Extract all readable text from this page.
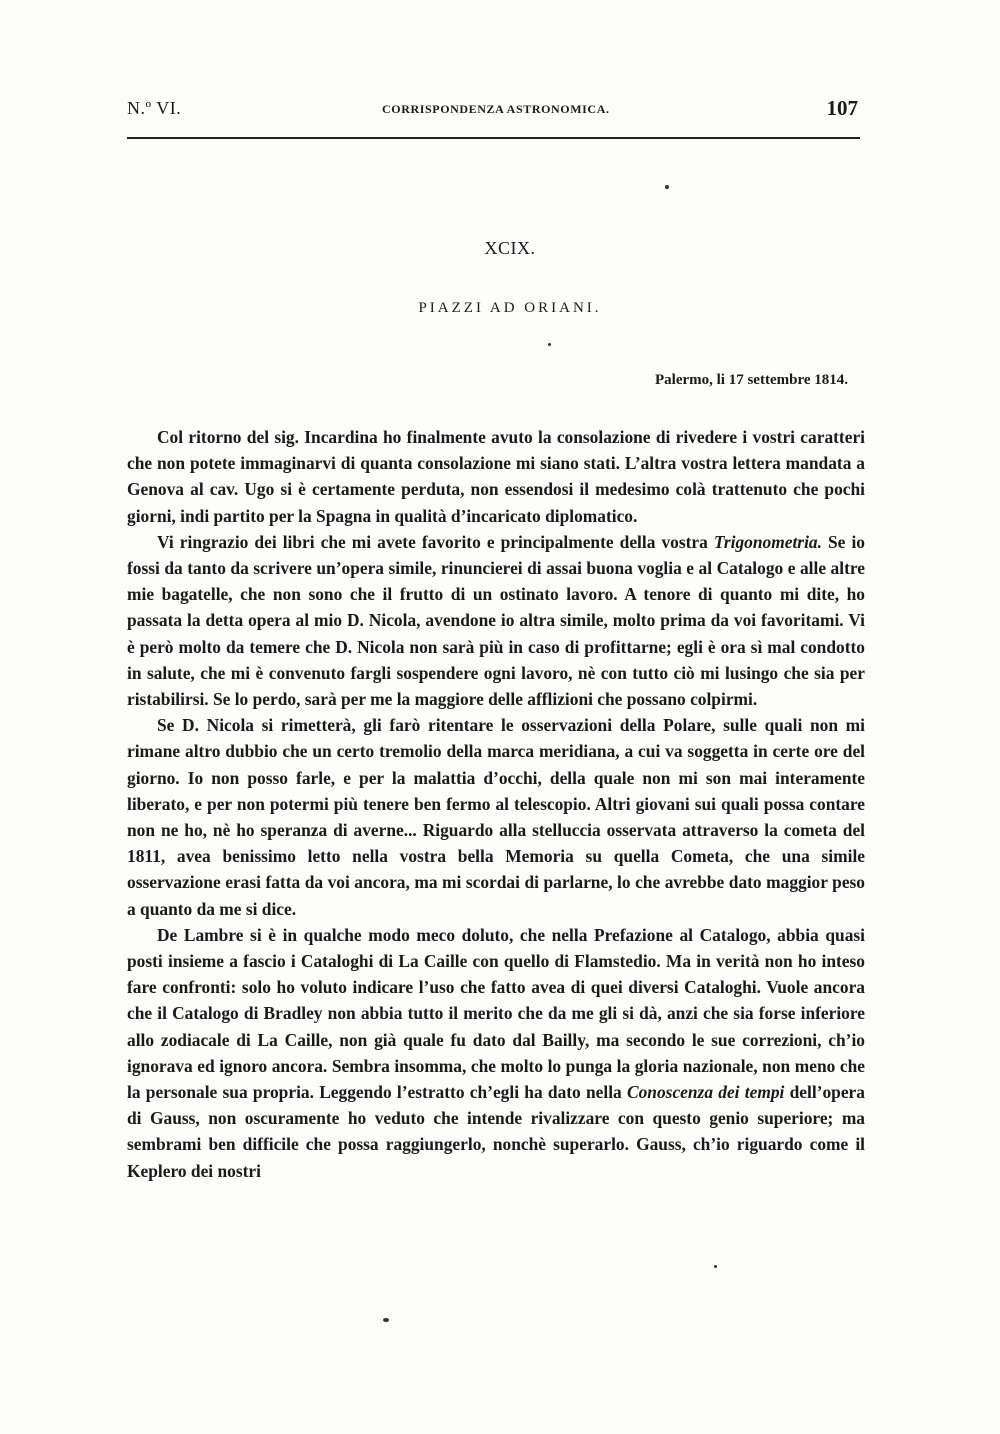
N.º VI.	CORRISPONDENZA ASTRONOMICA.	107
XCIX.
PIAZZI AD ORIANI.
Palermo, li 17 settembre 1814.

Col ritorno del sig. Incardina ho finalmente avuto la consolazione di rivedere i vostri caratteri che non potete immaginarvi di quanta consolazione mi siano stati. L’altra vostra lettera mandata a Genova al cav. Ugo si è certamente perduta, non essendosi il medesimo colà trattenuto che pochi giorni, indi partito per la Spagna in qualità d’incaricato diplomatico.

Vi ringrazio dei libri che mi avete favorito e principalmente della vostra Trigonometria. Se io fossi da tanto da scrivere un’opera simile, rinuncierei di assai buona voglia e al Catalogo e alle altre mie bagatelle, che non sono che il frutto di un ostinato lavoro. A tenore di quanto mi dite, ho passata la detta opera al mio D. Nicola, avendone io altra simile, molto prima da voi favoritami. Vi è però molto da temere che D. Nicola non sarà più in caso di profittarne; egli è ora sì mal condotto in salute, che mi è convenuto fargli sospendere ogni lavoro, nè con tutto ciò mi lusingo che sia per ristabilirsi. Se lo perdo, sarà per me la maggiore delle afflizioni che possano colpirmi.

Se D. Nicola si rimetterà, gli farò ritentare le osservazioni della Polare, sulle quali non mi rimane altro dubbio che un certo tremolio della marca meridiana, a cui va soggetta in certe ore del giorno. Io non posso farle, e per la malattia d’occhi, della quale non mi son mai interamente liberato, e per non potermi più tenere ben fermo al telescopio. Altri giovani sui quali possa contare non ne ho, nè ho speranza di averne... Riguardo alla stelluccia osservata attraverso la cometa del 1811, avea benissimo letto nella vostra bella Memoria su quella Cometa, che una simile osservazione erasi fatta da voi ancora, ma mi scordai di parlarne, lo che avrebbe dato maggior peso a quanto da me si dice.

De Lambre si è in qualche modo meco doluto, che nella Prefazione al Catalogo, abbia quasi posti insieme a fascio i Cataloghi di La Caille con quello di Flamstedio. Ma in verità non ho inteso fare confronti: solo ho voluto indicare l’uso che fatto avea di quei diversi Cataloghi. Vuole ancora che il Catalogo di Bradley non abbia tutto il merito che da me gli si dà, anzi che sia forse inferiore allo zodiacale di La Caille, non già quale fu dato dal Bailly, ma secondo le sue correzioni, ch’io ignorava ed ignoro ancora. Sembra insomma, che molto lo punga la gloria nazionale, non meno che la personale sua propria. Leggendo l’estratto ch’egli ha dato nella Conoscenza dei tempi dell’opera di Gauss, non oscuramente ho veduto che intende rivalizzare con questo genio superiore; ma sembrami ben difficile che possa raggiungerlo, nonchè superarlo. Gauss, ch’io riguardo come il Keplero dei nostri
